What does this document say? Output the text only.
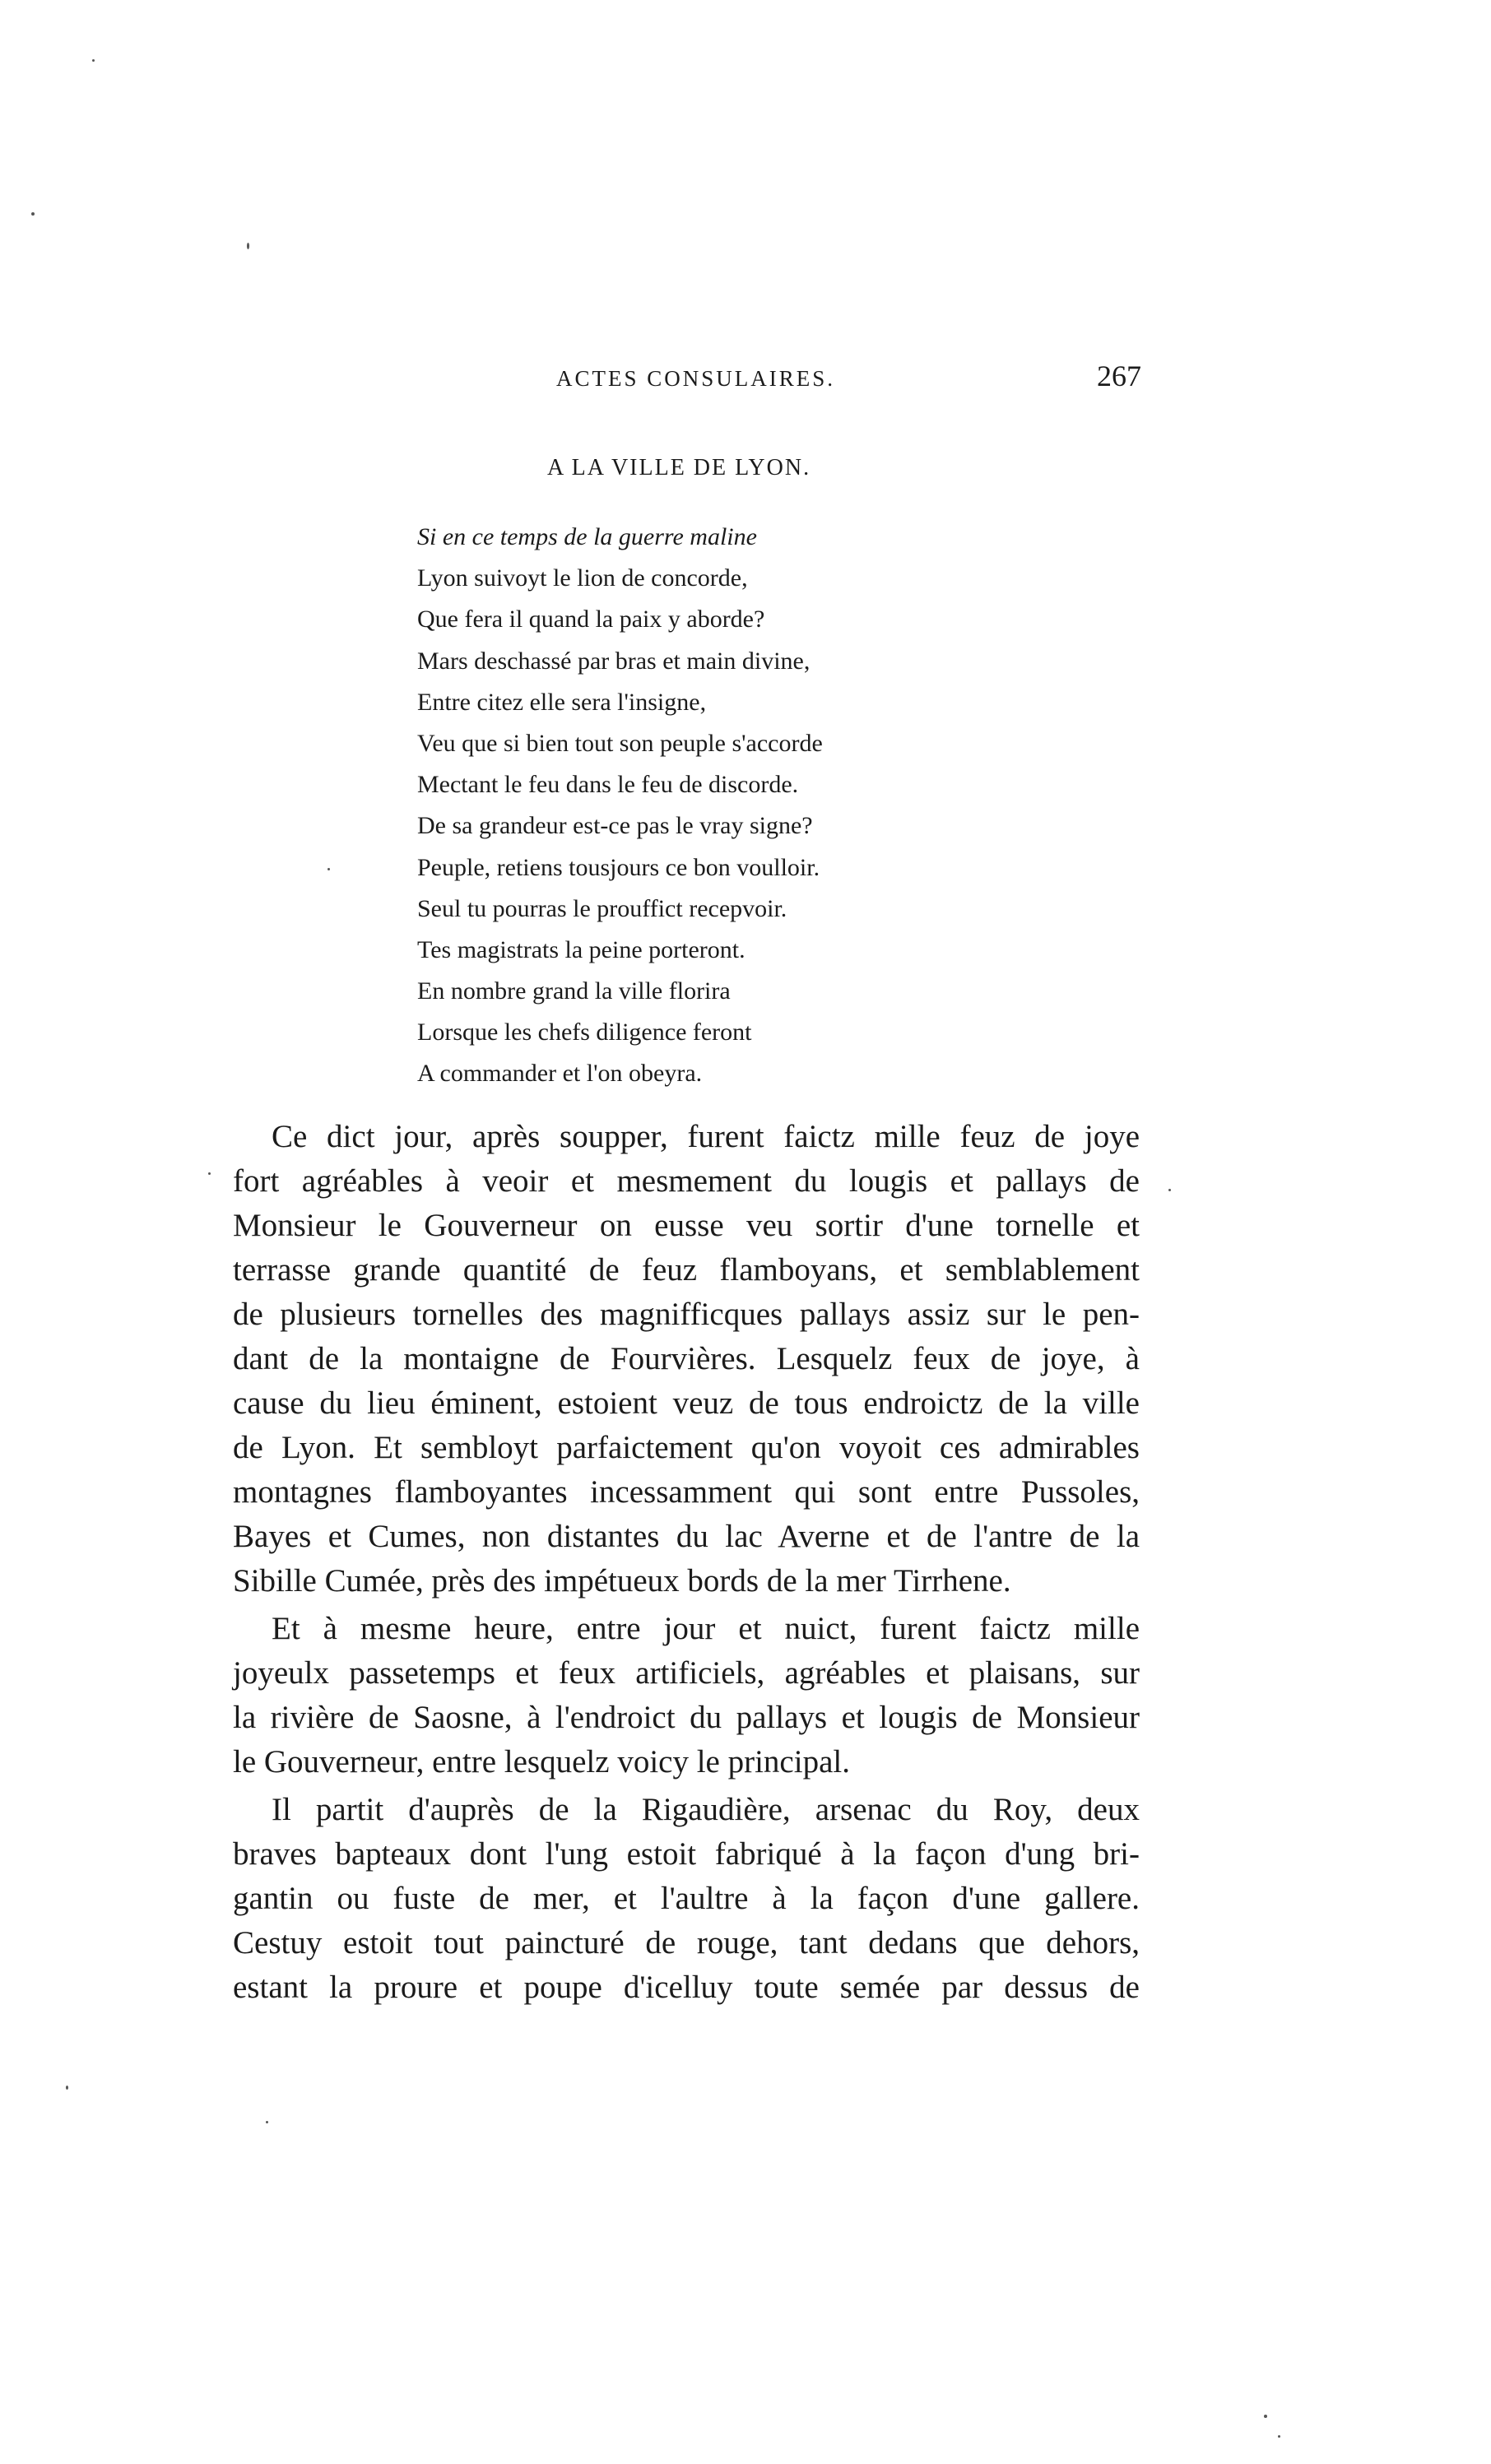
ACTES CONSULAIRES.	267
A LA VILLE DE LYON.
Si en ce temps de la guerre maline
Lyon suivoyt le lion de concorde,
Que fera il quand la paix y aborde?
Mars deschassé par bras et main divine,
Entre citez elle sera l'insigne,
Veu que si bien tout son peuple s'accorde
Mectant le feu dans le feu de discorde.
De sa grandeur est-ce pas le vray signe?
Peuple, retiens tousjours ce bon voulloir.
Seul tu pourras le prouffict recepvoir.
Tes magistrats la peine porteront.
En nombre grand la ville florira
Lorsque les chefs diligence feront
A commander et l'on obeyra.
Ce dict jour, après soupper, furent faictz mille feuz de joye
fort agréables à veoir et mesmement du lougis et pallays de
Monsieur le Gouverneur on eusse veu sortir d'une tornelle et
terrasse grande quantité de feuz flamboyans, et semblablement
de plusieurs tornelles des magnifficques pallays assiz sur le pen-
dant de la montaigne de Fourvières. Lesquelz feux de joye, à
cause du lieu éminent, estoient veuz de tous endroictz de la ville
de Lyon. Et sembloyt parfaictement qu'on voyoit ces admirables
montagnes flamboyantes incessamment qui sont entre Pussoles,
Bayes et Cumes, non distantes du lac Averne et de l'antre de la
Sibille Cumée, près des impétueux bords de la mer Tirrhene.
Et à mesme heure, entre jour et nuict, furent faictz mille
joyeulx passetemps et feux artificiels, agréables et plaisans, sur
la rivière de Saosne, à l'endroict du pallays et lougis de Monsieur
le Gouverneur, entre lesquelz voicy le principal.
Il partit d'auprès de la Rigaudière, arsenac du Roy, deux
braves bapteaux dont l'ung estoit fabriqué à la façon d'ung bri-
gantin ou fuste de mer, et l'aultre à la façon d'une gallere.
Cestuy estoit tout paincturé de rouge, tant dedans que dehors,
estant la proure et poupe d'icelluy toute semée par dessus de
